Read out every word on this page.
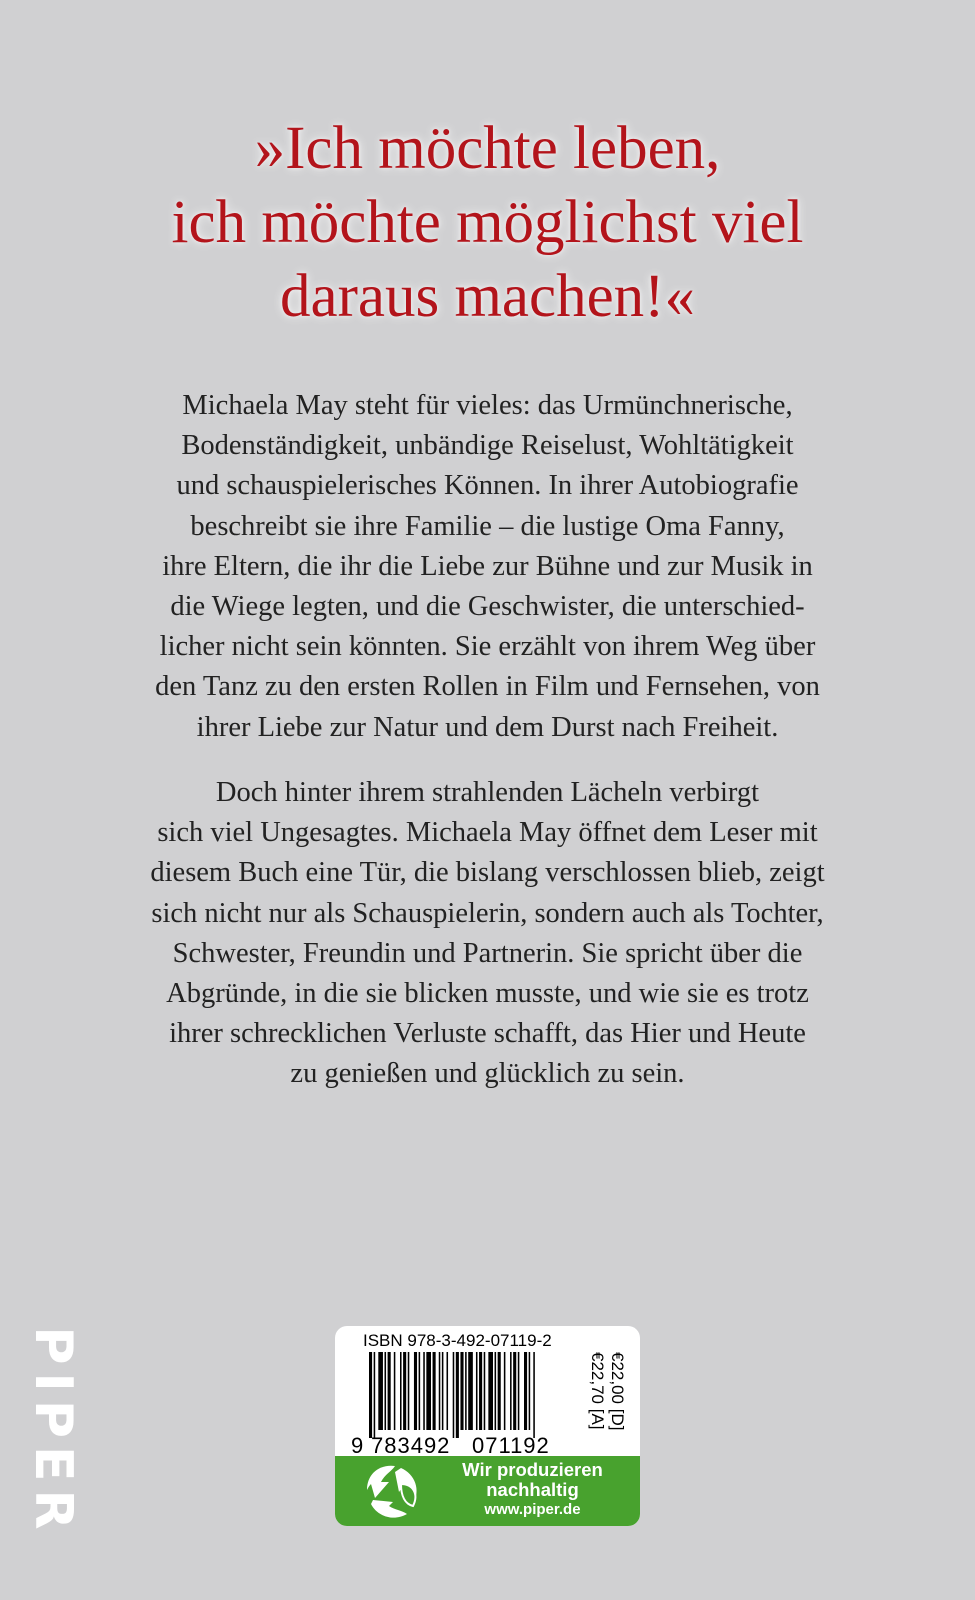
»Ich möchte leben,
ich möchte möglichst viel
daraus machen!«
Michaela May steht für vieles: das Urmünchnerische,
Bodenständigkeit, unbändige Reiselust, Wohltätigkeit
und schauspielerisches Können. In ihrer Autobiografie
beschreibt sie ihre Familie – die lustige Oma Fanny,
ihre Eltern, die ihr die Liebe zur Bühne und zur Musik in
die Wiege legten, und die Geschwister, die unterschied-
licher nicht sein könnten. Sie erzählt von ihrem Weg über
den Tanz zu den ersten Rollen in Film und Fernsehen, von
ihrer Liebe zur Natur und dem Durst nach Freiheit.
Doch hinter ihrem strahlenden Lächeln verbirgt
sich viel Ungesagtes. Michaela May öffnet dem Leser mit
diesem Buch eine Tür, die bislang verschlossen blieb, zeigt
sich nicht nur als Schauspielerin, sondern auch als Tochter,
Schwester, Freundin und Partnerin. Sie spricht über die
Abgründe, in die sie blicken musste, und wie sie es trotz
ihrer schrecklichen Verluste schafft, das Hier und Heute
zu genießen und glücklich zu sein.
PIPER	ISBN 978-3-492-07119-2
9 783492 071192
€22,00 [D]
€22,70 [A]
Wir produzieren
nachhaltig
www.piper.de
